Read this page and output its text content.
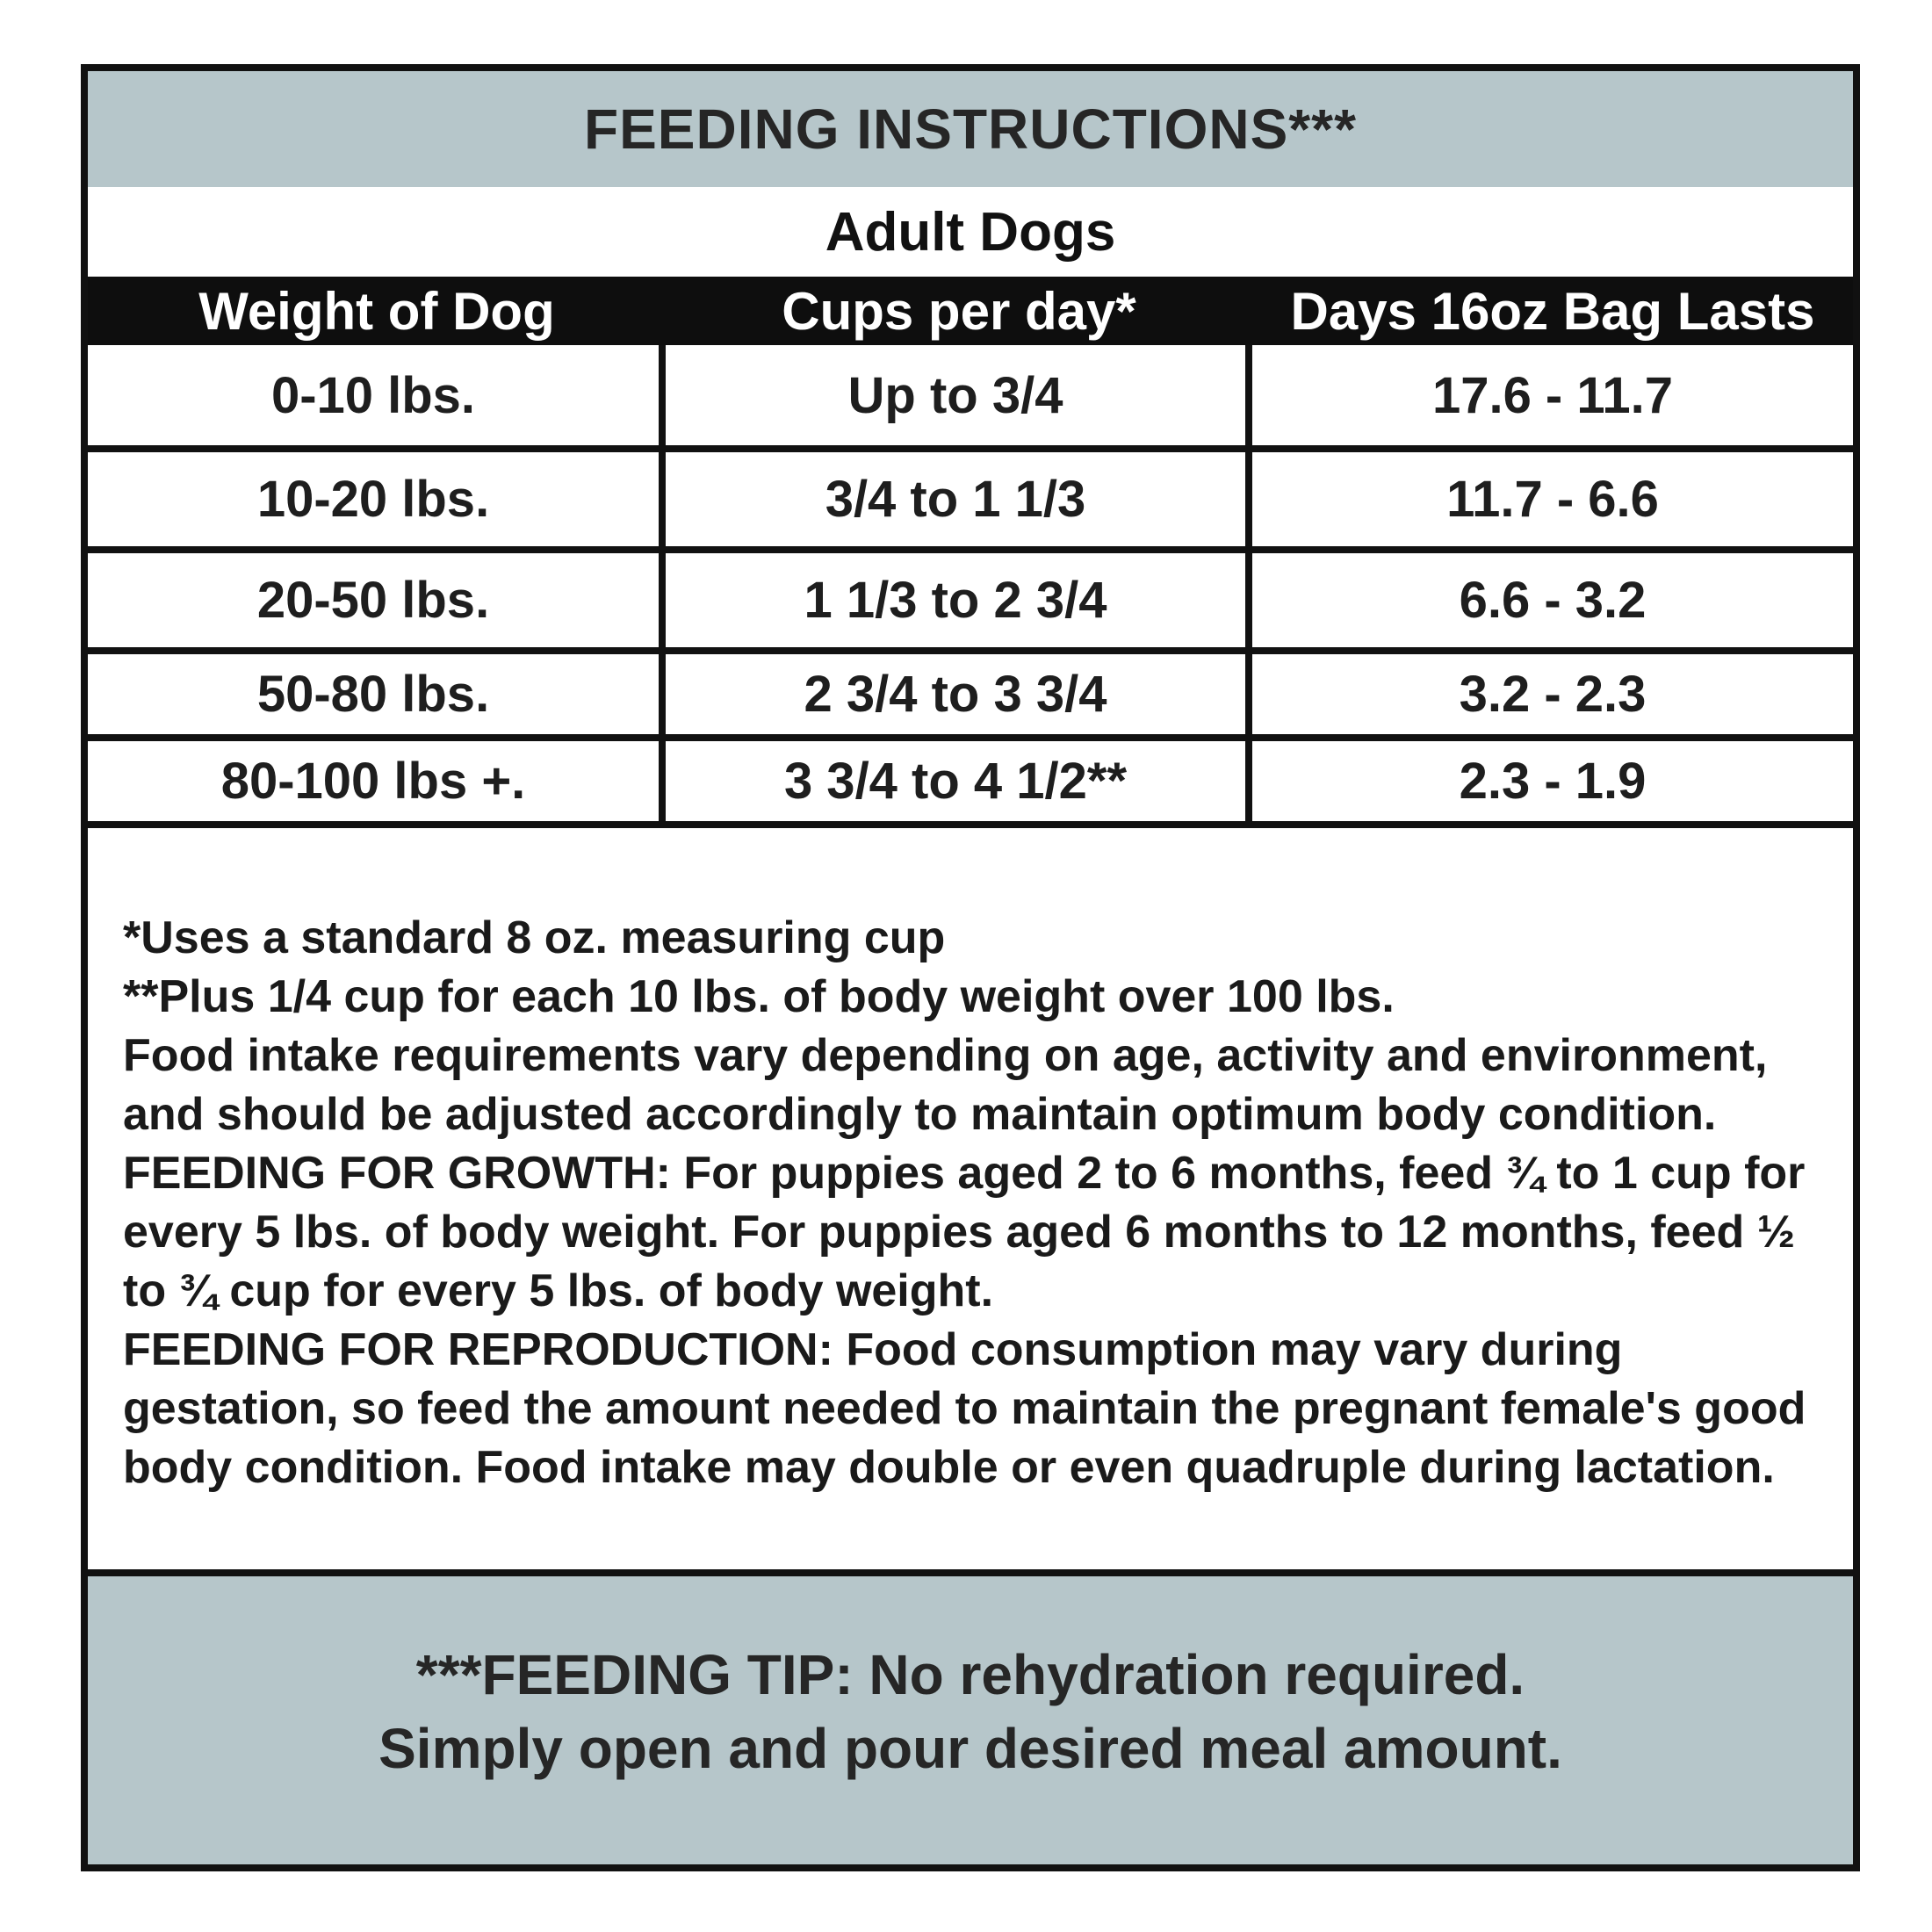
FEEDING INSTRUCTIONS***
Adult Dogs
Weight of Dog	Cups per day*	Days 16oz Bag Lasts
0-10 lbs.	Up to 3/4	17.6 - 11.7
10-20 lbs.	3/4 to 1 1/3	11.7 - 6.6
20-50 lbs.	1 1/3 to 2 3/4	6.6 - 3.2
50-80 lbs.	2 3/4 to 3 3/4	3.2 - 2.3
80-100 lbs +.	3 3/4 to 4 1/2**	2.3 - 1.9

*Uses a standard 8 oz. measuring cup

**Plus 1/4 cup for each 10 lbs. of body weight over 100 lbs.

Food intake requirements vary depending on age, activity and environment, and should be adjusted accordingly to maintain optimum body condition.

FEEDING FOR GROWTH: For puppies aged 2 to 6 months, feed ¾ to 1 cup for every 5 lbs. of body weight. For puppies aged 6 months to 12 months, feed ½ to ¾ cup for every 5 lbs. of body weight.

FEEDING FOR REPRODUCTION: Food consumption may vary during gestation, so feed the amount needed to maintain the pregnant female's good body condition. Food intake may double or even quadruple during lactation.

***FEEDING TIP: No rehydration required.
Simply open and pour desired meal amount.
